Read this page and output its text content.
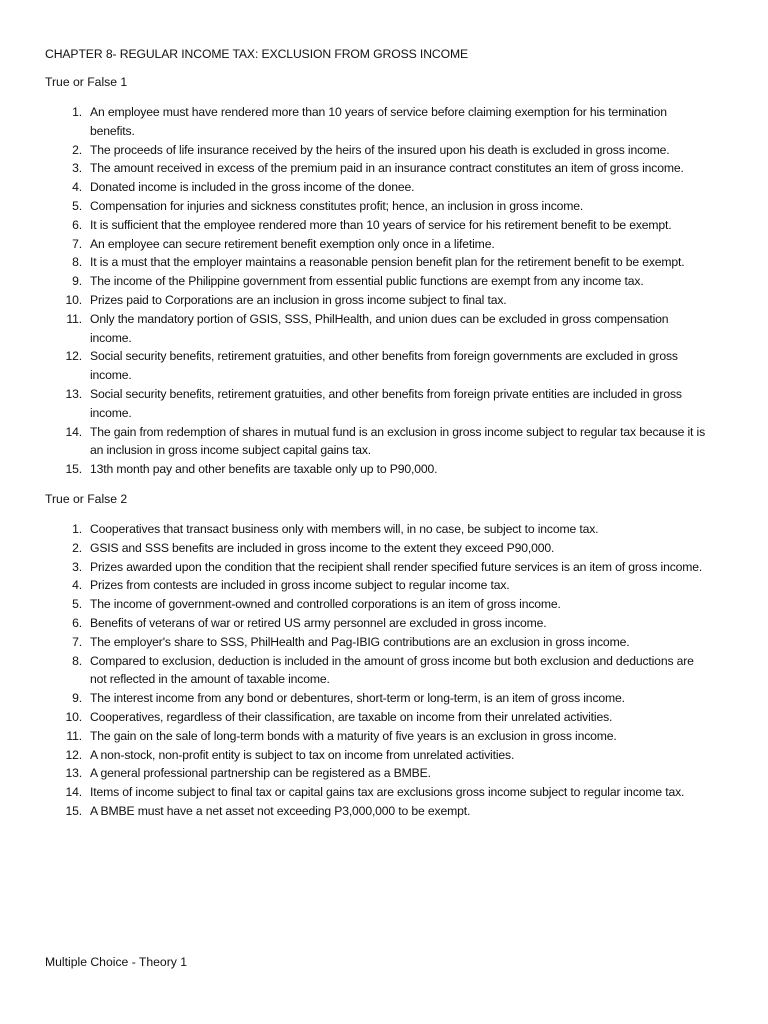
CHAPTER 8- REGULAR INCOME TAX: EXCLUSION FROM GROSS INCOME
True or False 1
1. An employee must have rendered more than 10 years of service before claiming exemption for his termination benefits.
2. The proceeds of life insurance received by the heirs of the insured upon his death is excluded in gross income.
3. The amount received in excess of the premium paid in an insurance contract constitutes an item of gross income.
4. Donated income is included in the gross income of the donee.
5. Compensation for injuries and sickness constitutes profit; hence, an inclusion in gross income.
6. It is sufficient that the employee rendered more than 10 years of service for his retirement benefit to be exempt.
7. An employee can secure retirement benefit exemption only once in a lifetime.
8. It is a must that the employer maintains a reasonable pension benefit plan for the retirement benefit to be exempt.
9. The income of the Philippine government from essential public functions are exempt from any income tax.
10. Prizes paid to Corporations are an inclusion in gross income subject to final tax.
11. Only the mandatory portion of GSIS, SSS, PhilHealth, and union dues can be excluded in gross compensation income.
12. Social security benefits, retirement gratuities, and other benefits from foreign governments are excluded in gross income.
13. Social security benefits, retirement gratuities, and other benefits from foreign private entities are included in gross income.
14. The gain from redemption of shares in mutual fund is an exclusion in gross income subject to regular tax because it is an inclusion in gross income subject capital gains tax.
15. 13th month pay and other benefits are taxable only up to P90,000.
True or False 2
1. Cooperatives that transact business only with members will, in no case, be subject to income tax.
2. GSIS and SSS benefits are included in gross income to the extent they exceed P90,000.
3. Prizes awarded upon the condition that the recipient shall render specified future services is an item of gross income.
4. Prizes from contests are included in gross income subject to regular income tax.
5. The income of government-owned and controlled corporations is an item of gross income.
6. Benefits of veterans of war or retired US army personnel are excluded in gross income.
7. The employer's share to SSS, PhilHealth and Pag-IBIG contributions are an exclusion in gross income.
8. Compared to exclusion, deduction is included in the amount of gross income but both exclusion and deductions are not reflected in the amount of taxable income.
9. The interest income from any bond or debentures, short-term or long-term, is an item of gross income.
10. Cooperatives, regardless of their classification, are taxable on income from their unrelated activities.
11. The gain on the sale of long-term bonds with a maturity of five years is an exclusion in gross income.
12. A non-stock, non-profit entity is subject to tax on income from unrelated activities.
13. A general professional partnership can be registered as a BMBE.
14. Items of income subject to final tax or capital gains tax are exclusions gross income subject to regular income tax.
15. A BMBE must have a net asset not exceeding P3,000,000 to be exempt.
Multiple Choice - Theory 1
